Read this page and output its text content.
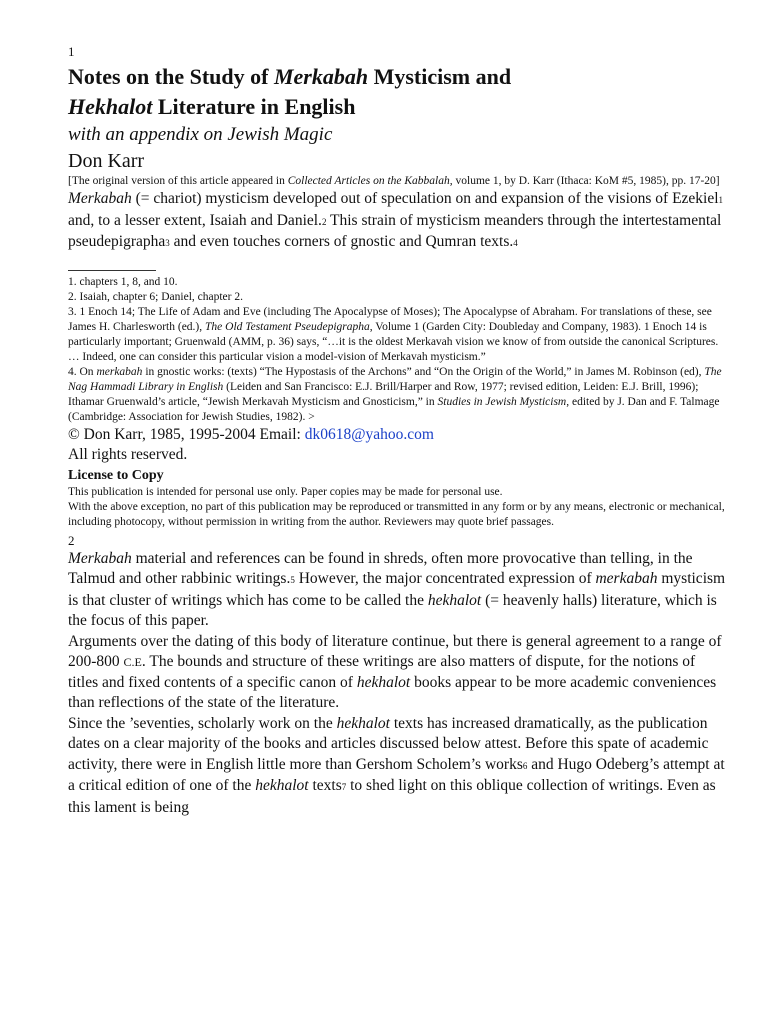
1
Notes on the Study of Merkabah Mysticism and
Hekhalot Literature in English
with an appendix on Jewish Magic
Don Karr

[The original version of this article appeared in Collected Articles on the Kabbalah, volume 1, by D. Karr (Ithaca: KoM #5, 1985), pp. 17-20]

Merkabah (= chariot) mysticism developed out of speculation on and expansion of the visions of Ezekiel1 and, to a lesser extent, Isaiah and Daniel.2 This strain of mysticism meanders through the intertestamental pseudepigrapha3 and even touches corners of gnostic and Qumran texts.4

1. chapters 1, 8, and 10.

2. Isaiah, chapter 6; Daniel, chapter 2.

3. 1 Enoch 14; The Life of Adam and Eve (including The Apocalypse of Moses); The Apocalypse of Abraham. For translations of these, see James H. Charlesworth (ed.), The Old Testament Pseudepigrapha, Volume 1 (Garden City: Doubleday and Company, 1983). 1 Enoch 14 is particularly important; Gruenwald (AMM, p. 36) says, “…it is the oldest Merkavah vision we know of from outside the canonical Scriptures. … Indeed, one can consider this particular vision a model-vision of Merkavah mysticism.”

4. On merkabah in gnostic works: (texts) “The Hypostasis of the Archons” and “On the Origin of the World,” in James M. Robinson (ed), The Nag Hammadi Library in English (Leiden and San Francisco: E.J. Brill/Harper and Row, 1977; revised edition, Leiden: E.J. Brill, 1996); Ithamar Gruenwald’s article, “Jewish Merkavah Mysticism and Gnosticism,” in Studies in Jewish Mysticism, edited by J. Dan and F. Talmage (Cambridge: Association for Jewish Studies, 1982). >

© Don Karr, 1985, 1995-2004 Email: dk0618@yahoo.com

All rights reserved.

License to Copy

This publication is intended for personal use only. Paper copies may be made for personal use.

With the above exception, no part of this publication may be reproduced or transmitted in any form or by any means, electronic or mechanical, including photocopy, without permission in writing from the author. Reviewers may quote brief passages.

2

Merkabah material and references can be found in shreds, often more provocative than telling, in the Talmud and other rabbinic writings.5 However, the major concentrated expression of merkabah mysticism is that cluster of writings which has come to be called the hekhalot (= heavenly halls) literature, which is the focus of this paper.

Arguments over the dating of this body of literature continue, but there is general agreement to a range of 200-800 C.E. The bounds and structure of these writings are also matters of dispute, for the notions of titles and fixed contents of a specific canon of hekhalot books appear to be more academic conveniences than reflections of the state of the literature.

Since the ’seventies, scholarly work on the hekhalot texts has increased dramatically, as the publication dates on a clear majority of the books and articles discussed below attest. Before this spate of academic activity, there were in English little more than Gershom Scholem’s works6 and Hugo Odeberg’s attempt at a critical edition of one of the hekhalot texts7 to shed light on this oblique collection of writings. Even as this lament is being
